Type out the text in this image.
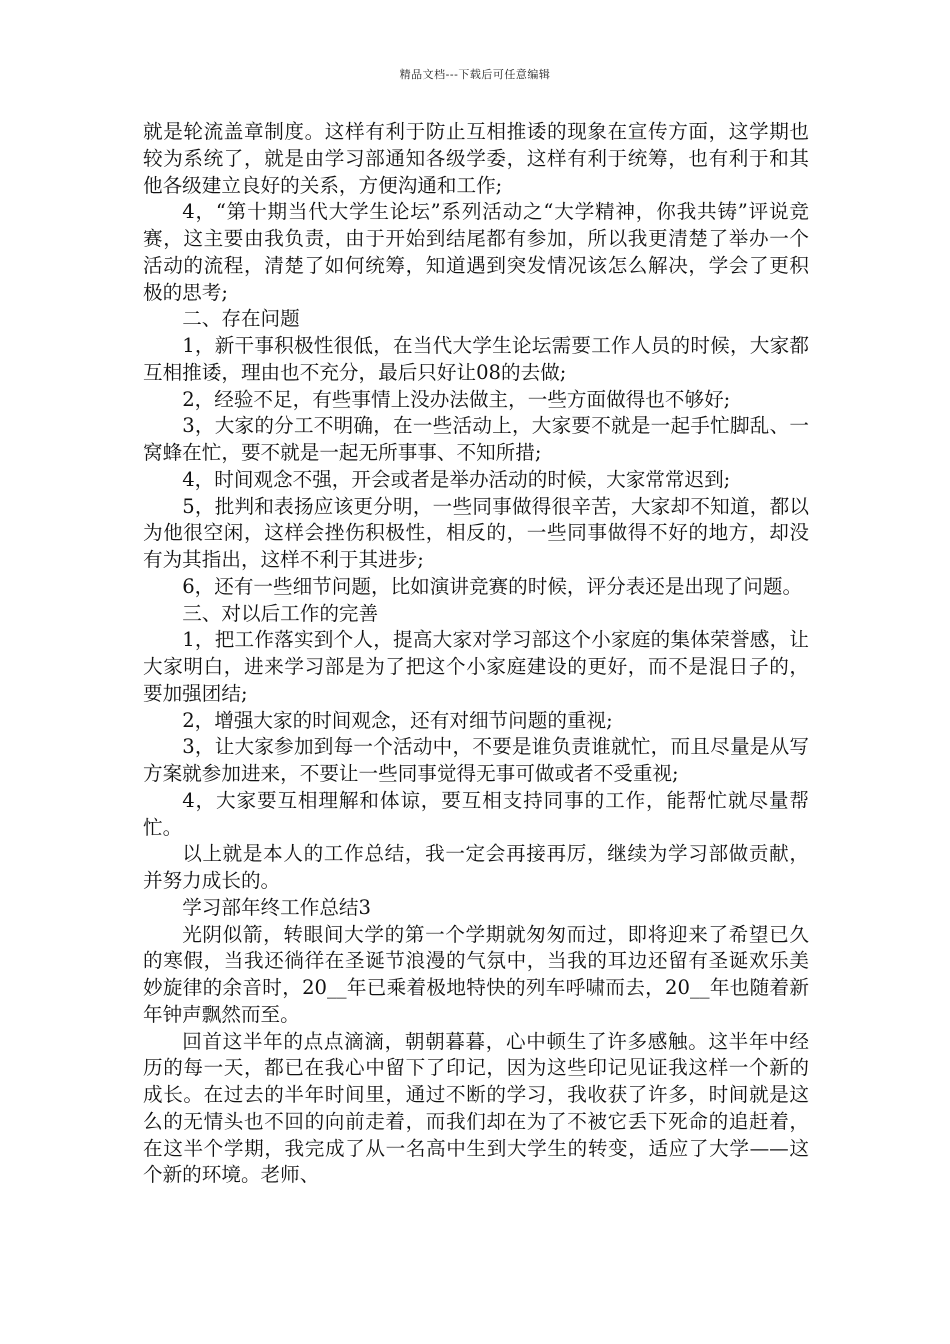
精品文档---下载后可任意编辑

就是轮流盖章制度。这样有利于防止互相推诿的现象在宣传方面，这学期也较为系统了，就是由学习部通知各级学委，这样有利于统筹，也有利于和其他各级建立良好的关系，方便沟通和工作;

4，“第十期当代大学生论坛”系列活动之“大学精神，你我共铸”评说竞赛，这主要由我负责，由于开始到结尾都有参加，所以我更清楚了举办一个活动的流程，清楚了如何统筹，知道遇到突发情况该怎么解决，学会了更积极的思考;

二、存在问题

1，新干事积极性很低，在当代大学生论坛需要工作人员的时候，大家都互相推诿，理由也不充分，最后只好让08的去做;

2，经验不足，有些事情上没办法做主，一些方面做得也不够好;

3，大家的分工不明确，在一些活动上，大家要不就是一起手忙脚乱、一窝蜂在忙，要不就是一起无所事事、不知所措;

4，时间观念不强，开会或者是举办活动的时候，大家常常迟到;

5，批判和表扬应该更分明，一些同事做得很辛苦，大家却不知道，都以为他很空闲，这样会挫伤积极性，相反的，一些同事做得不好的地方，却没有为其指出，这样不利于其进步;

6，还有一些细节问题，比如演讲竞赛的时候，评分表还是出现了问题。

三、对以后工作的完善

1，把工作落实到个人，提高大家对学习部这个小家庭的集体荣誉感，让大家明白，进来学习部是为了把这个小家庭建设的更好，而不是混日子的，要加强团结;

2，增强大家的时间观念，还有对细节问题的重视;

3，让大家参加到每一个活动中，不要是谁负责谁就忙，而且尽量是从写方案就参加进来，不要让一些同事觉得无事可做或者不受重视;

4，大家要互相理解和体谅，要互相支持同事的工作，能帮忙就尽量帮忙。

以上就是本人的工作总结，我一定会再接再厉，继续为学习部做贡献，并努力成长的。

学习部年终工作总结3

光阴似箭，转眼间大学的第一个学期就匆匆而过，即将迎来了希望已久的寒假，当我还徜徉在圣诞节浪漫的气氛中，当我的耳边还留有圣诞欢乐美妙旋律的余音时，20__年已乘着极地特快的列车呼啸而去，20__年也随着新年钟声飘然而至。

回首这半年的点点滴滴，朝朝暮暮，心中顿生了许多感触。这半年中经历的每一天，都已在我心中留下了印记，因为这些印记见证我这样一个新的成长。在过去的半年时间里，通过不断的学习，我收获了许多，时间就是这么的无情头也不回的向前走着，而我们却在为了不被它丢下死命的追赶着，在这半个学期，我完成了从一名高中生到大学生的转变，适应了大学——这个新的环境。老师、
